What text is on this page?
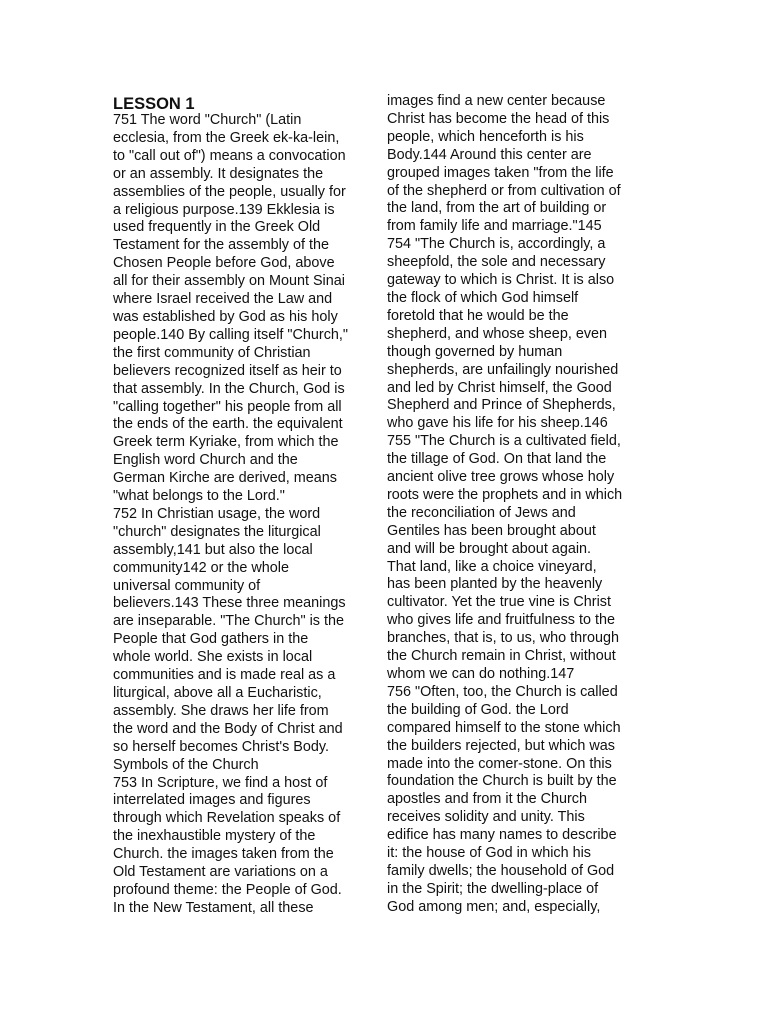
LESSON 1
751 The word "Church" (Latin
ecclesia, from the Greek ek-ka-lein,
to "call out of") means a convocation
or an assembly. It designates the
assemblies of the people, usually for
a religious purpose.139 Ekklesia is
used frequently in the Greek Old
Testament for the assembly of the
Chosen People before God, above
all for their assembly on Mount Sinai
where Israel received the Law and
was established by God as his holy
people.140 By calling itself "Church,"
the first community of Christian
believers recognized itself as heir to
that assembly. In the Church, God is
"calling together" his people from all
the ends of the earth. the equivalent
Greek term Kyriake, from which the
English word Church and the
German Kirche are derived, means
"what belongs to the Lord."
752 In Christian usage, the word
"church" designates the liturgical
assembly,141 but also the local
community142 or the whole
universal community of
believers.143 These three meanings
are inseparable. "The Church" is the
People that God gathers in the
whole world. She exists in local
communities and is made real as a
liturgical, above all a Eucharistic,
assembly. She draws her life from
the word and the Body of Christ and
so herself becomes Christ's Body.
Symbols of the Church
753 In Scripture, we find a host of
interrelated images and figures
through which Revelation speaks of
the inexhaustible mystery of the
Church. the images taken from the
Old Testament are variations on a
profound theme: the People of God.
In the New Testament, all these
images find a new center because
Christ has become the head of this
people, which henceforth is his
Body.144 Around this center are
grouped images taken "from the life
of the shepherd or from cultivation of
the land, from the art of building or
from family life and marriage."145
754 "The Church is, accordingly, a
sheepfold, the sole and necessary
gateway to which is Christ. It is also
the flock of which God himself
foretold that he would be the
shepherd, and whose sheep, even
though governed by human
shepherds, are unfailingly nourished
and led by Christ himself, the Good
Shepherd and Prince of Shepherds,
who gave his life for his sheep.146
755 "The Church is a cultivated field,
the tillage of God. On that land the
ancient olive tree grows whose holy
roots were the prophets and in which
the reconciliation of Jews and
Gentiles has been brought about
and will be brought about again.
That land, like a choice vineyard,
has been planted by the heavenly
cultivator. Yet the true vine is Christ
who gives life and fruitfulness to the
branches, that is, to us, who through
the Church remain in Christ, without
whom we can do nothing.147
756 "Often, too, the Church is called
the building of God. the Lord
compared himself to the stone which
the builders rejected, but which was
made into the comer-stone. On this
foundation the Church is built by the
apostles and from it the Church
receives solidity and unity. This
edifice has many names to describe
it: the house of God in which his
family dwells; the household of God
in the Spirit; the dwelling-place of
God among men; and, especially,
